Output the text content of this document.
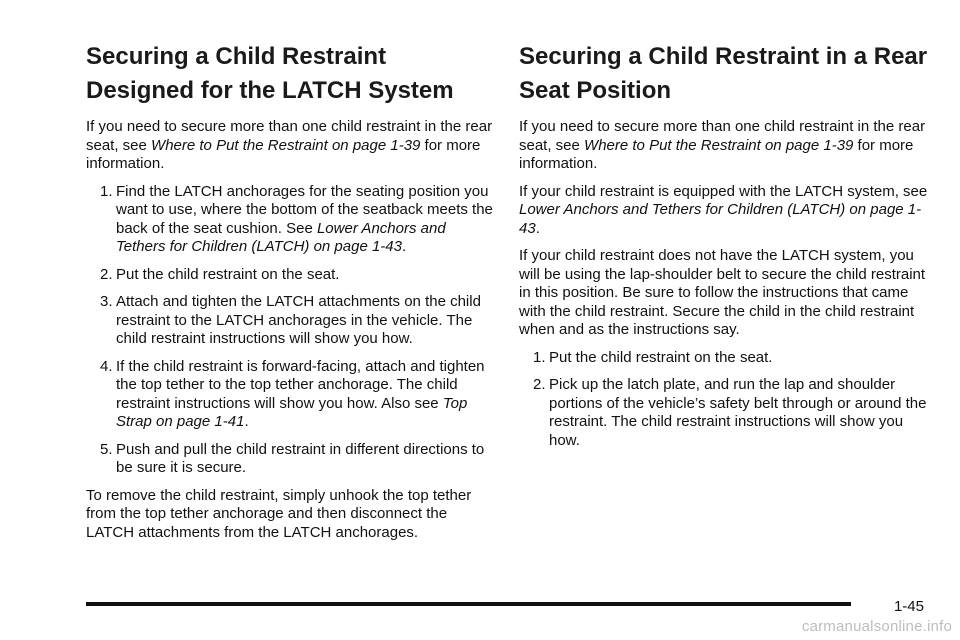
Securing a Child Restraint Designed for the LATCH System

If you need to secure more than one child restraint in the rear seat, see Where to Put the Restraint on page 1-39 for more information.

1. Find the LATCH anchorages for the seating position you want to use, where the bottom of the seatback meets the back of the seat cushion. See Lower Anchors and Tethers for Children (LATCH) on page 1-43.
2. Put the child restraint on the seat.
3. Attach and tighten the LATCH attachments on the child restraint to the LATCH anchorages in the vehicle. The child restraint instructions will show you how.
4. If the child restraint is forward-facing, attach and tighten the top tether to the top tether anchorage. The child restraint instructions will show you how. Also see Top Strap on page 1-41.
5. Push and pull the child restraint in different directions to be sure it is secure.

To remove the child restraint, simply unhook the top tether from the top tether anchorage and then disconnect the LATCH attachments from the LATCH anchorages.

Securing a Child Restraint in a Rear Seat Position

If you need to secure more than one child restraint in the rear seat, see Where to Put the Restraint on page 1-39 for more information.

If your child restraint is equipped with the LATCH system, see Lower Anchors and Tethers for Children (LATCH) on page 1-43.

If your child restraint does not have the LATCH system, you will be using the lap-shoulder belt to secure the child restraint in this position. Be sure to follow the instructions that came with the child restraint. Secure the child in the child restraint when and as the instructions say.

1. Put the child restraint on the seat.
2. Pick up the latch plate, and run the lap and shoulder portions of the vehicle’s safety belt through or around the restraint. The child restraint instructions will show you how.
1-45
carmanualsonline.info
